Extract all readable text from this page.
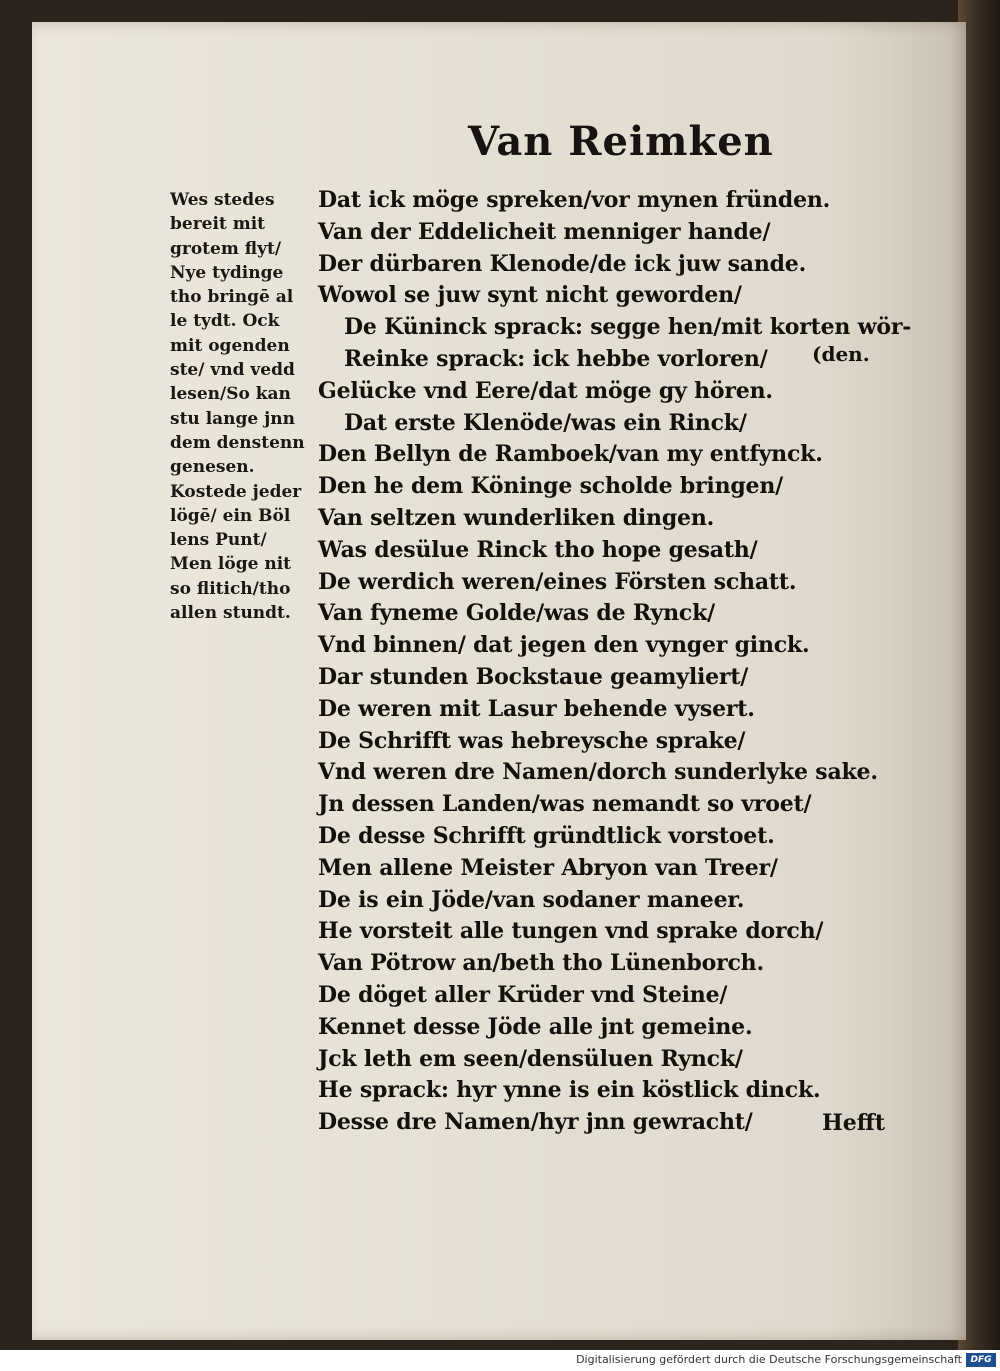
Van Reimken
Wes stedes
bereit mit
grotem flyt/
Nye tydinge
tho bringē al
le tydt. Ock
mit ogenden
ste/ vnd vedd
lesen/So kan
stu lange jnn
dem denstenn
genesen.
Kostede jeder
lögē/ ein Böl
lens Punt/
Men löge nit
so flitich/tho
allen stundt.
Dat ick möge spreken/vor mynen fründen.
Van der Eddelicheit menniger hande/
Der dürbaren Klenode/de ick juw sande.
Wowol se juw synt nicht geworden/
De Küninck sprack: segge hen/mit korten wör-
Reinke sprack: ick hebbe vorloren/
Gelücke vnd Eere/dat möge gy hören.
Dat erste Klenöde/was ein Rinck/
Den Bellyn de Ramboek/van my entfynck.
Den he dem Köninge scholde bringen/
Van seltzen wunderliken dingen.
Was desülue Rinck tho hope gesath/
De werdich weren/eines Försten schatt.
Van fyneme Golde/was de Rynck/
Vnd binnen/ dat jegen den vynger ginck.
Dar stunden Bockstaue geamyliert/
De weren mit Lasur behende vysert.
De Schrifft was hebreysche sprake/
Vnd weren dre Namen/dorch sunderlyke sake.
Jn dessen Landen/was nemandt so vroet/
De desse Schrifft gründtlick vorstoet.
Men allene Meister Abryon van Treer/
De is ein Jöde/van sodaner maneer.
He vorsteit alle tungen vnd sprake dorch/
Van Pötrow an/beth tho Lünenborch.
De döget aller Krüder vnd Steine/
Kennet desse Jöde alle jnt gemeine.
Jck leth em seen/densüluen Rynck/
He sprack: hyr ynne is ein köstlick dinck.
Desse dre Namen/hyr jnn gewracht/
(den.
Hefft
Digitalisierung gefördert durch die Deutsche Forschungsgemeinschaft DFG
